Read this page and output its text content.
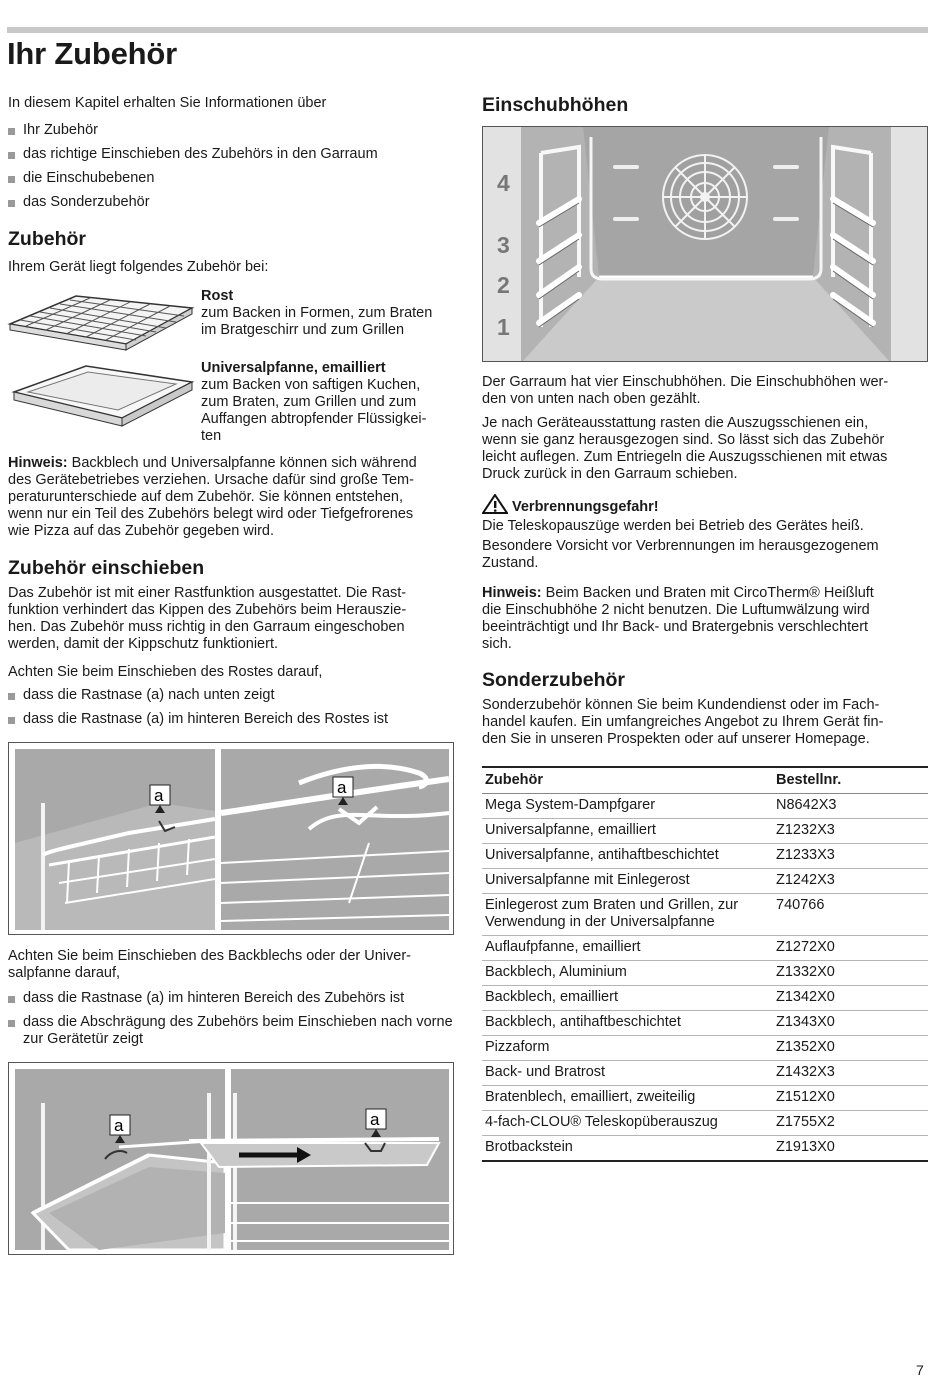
Ihr Zubehör

In diesem Kapitel erhalten Sie Informationen über

Ihr Zubehör
das richtige Einschieben des Zubehörs in den Garraum
die Einschubebenen
das Sonderzubehör
Zubehör

Ihrem Gerät liegt folgendes Zubehör bei:

Rost

zum Backen in Formen, zum Braten

im Bratgeschirr und zum Grillen

Universalpfanne, emailliert

zum Backen von saftigen Kuchen,

zum Braten, zum Grillen und zum

Auffangen abtropfender Flüssigkei-

ten

Hinweis: Backblech und Universalpfanne können sich während

des Gerätebetriebes verziehen. Ursache dafür sind große Tem-

peraturunterschiede auf dem Zubehör. Sie können entstehen,

wenn nur ein Teil des Zubehörs belegt wird oder Tiefgefrorenes

wie Pizza auf das Zubehör gegeben wird.

Zubehör einschieben

Das Zubehör ist mit einer Rastfunktion ausgestattet. Die Rast-

funktion verhindert das Kippen des Zubehörs beim Herauszie-

hen. Das Zubehör muss richtig in den Garraum eingeschoben

werden, damit der Kippschutz funktioniert.

Achten Sie beim Einschieben des Rostes darauf,

dass die Rastnase (a) nach unten zeigt
dass die Rastnase (a) im hinteren Bereich des Rostes ist
a	a

Achten Sie beim Einschieben des Backblechs oder der Univer-

salpfanne darauf,

dass die Rastnase (a) im hinteren Bereich des Zubehörs ist
dass die Abschrägung des Zubehörs beim Einschieben nach vorne zur Gerätetür zeigt
a	a
Einschubhöhen
4
3
2
1

Der Garraum hat vier Einschubhöhen. Die Einschubhöhen wer-

den von unten nach oben gezählt.

Je nach Geräteausstattung rasten die Auszugsschienen ein,

wenn sie ganz herausgezogen sind. So lässt sich das Zubehör

leicht auflegen. Zum Entriegeln die Auszugsschienen mit etwas

Druck zurück in den Garraum schieben.

Verbrennungsgefahr!

Die Teleskopauszüge werden bei Betrieb des Gerätes heiß.

Besondere Vorsicht vor Verbrennungen im herausgezogenem

Zustand.

Hinweis: Beim Backen und Braten mit CircoTherm® Heißluft

die Einschubhöhe 2 nicht benutzen. Die Luftumwälzung wird

beeinträchtigt und Ihr Back- und Bratergebnis verschlechtert

sich.

Sonderzubehör

Sonderzubehör können Sie beim Kundendienst oder im Fach-

handel kaufen. Ein umfangreiches Angebot zu Ihrem Gerät fin-

den Sie in unseren Prospekten oder auf unserer Homepage.

Zubehör	Bestellnr.
Mega System-Dampfgarer	N8642X3
Universalpfanne, emailliert	Z1232X3
Universalpfanne, antihaftbeschichtet	Z1233X3
Universalpfanne mit Einlegerost	Z1242X3
Einlegerost zum Braten und Grillen, zur Verwendung in der Universalpfanne	740766
Auflaufpfanne, emailliert	Z1272X0
Backblech, Aluminium	Z1332X0
Backblech, emailliert	Z1342X0
Backblech, antihaftbeschichtet	Z1343X0
Pizzaform	Z1352X0
Back- und Bratrost	Z1432X3
Bratenblech, emailliert, zweiteilig	Z1512X0
4-fach-CLOU® Teleskopüberauszug	Z1755X2
Brotbackstein	Z1913X0
7
